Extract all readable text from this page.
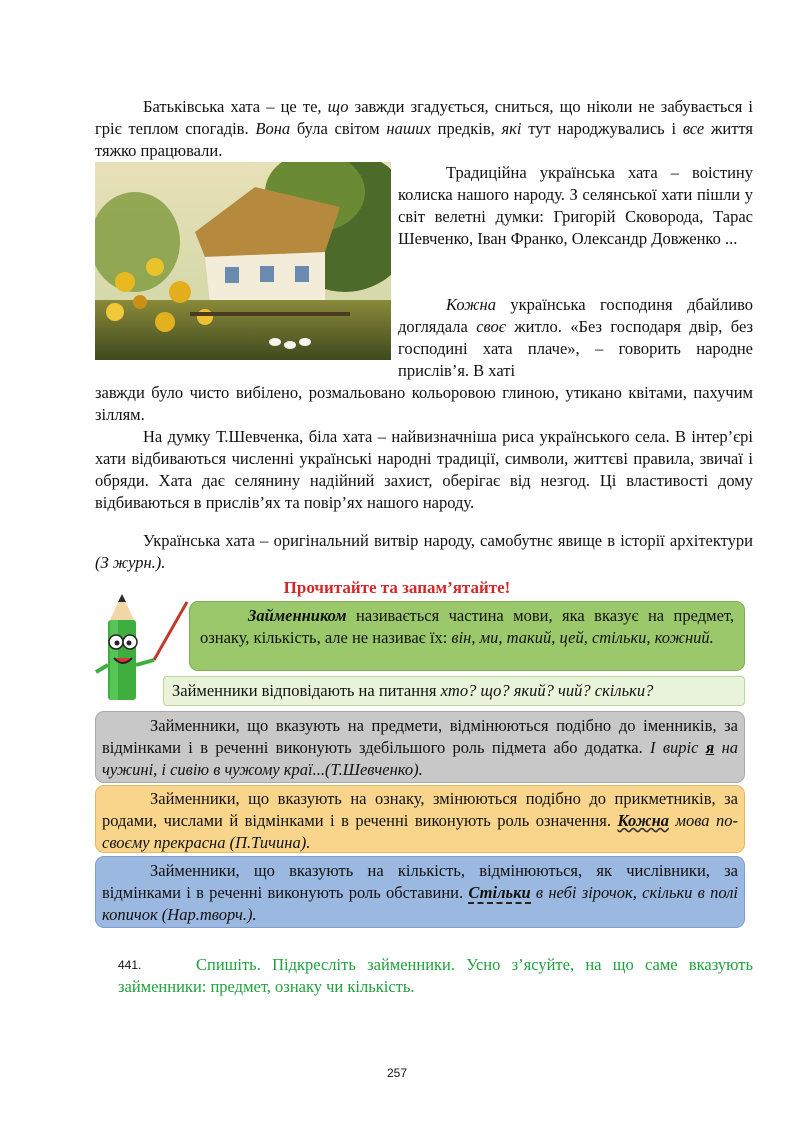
Батьківська хата – це те, що завжди згадується, сниться, що ніколи не забувається і гріє теплом спогадів. Вона була світом наших предків, які тут народжувались і все життя тяжко працювали.

Традиційна українська хата – воістину колиска нашого народу. З селянської хати пішли у світ велетні думки: Григорій Сковорода, Тарас Шевченко, Іван Франко, Олександр Довженко ...

Кожна українська господиня дбайливо доглядала своє житло. «Без господаря двір, без господині хата плаче», – говорить народне прислів’я. В хаті

завжди було чисто вибілено, розмальовано кольоровою глиною, утикано квітами, пахучим зіллям.

На думку Т.Шевченка, біла хата – найвизначніша риса українського села. В інтер’єрі хати відбиваються численні українські народні традиції, символи, життєві правила, звичаї і обряди. Хата дає селянину надійний захист, оберігає від незгод. Ці властивості дому відбиваються в прислів’ях та повір’ях нашого народу.

Українська хата – оригінальний витвір народу, самобутнє явище в історії архітектури (З журн.).

Прочитайте та запам’ятайте!
Займенником називається частина мови, яка вказує на предмет, ознаку, кількість, але не називає їх: він, ми, такий, цей, стільки, кожний.
Займенники відповідають на питання хто? що? який? чий? скільки?
Займенники, що вказують на предмети, відмінюються подібно до іменників, за відмінками і в реченні виконують здебільшого роль підмета або додатка. І виріс я на чужині, і сивію в чужому краї...(Т.Шевченко).
Займенники, що вказують на ознаку, змінюються подібно до прикметників, за родами, числами й відмінками і в реченні виконують роль означення. Кожна мова по-своєму прекрасна (П.Тичина).
Займенники, що вказують на кількість, відмінюються, як числівники, за відмінками і в реченні виконують роль обставини. Стільки в небі зірочок, скільки в полі копичок (Нар.творч.).
441.	Спишіть. Підкресліть займенники. Усно з’ясуйте, на що саме вказують займенники: предмет, ознаку чи кількість.

257
